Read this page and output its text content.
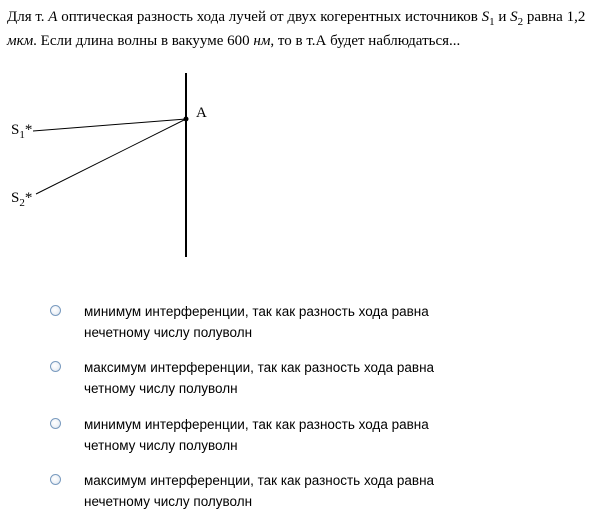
Для т. A оптическая разность хода лучей от двух когерентных источников $S_1$ и $S_2$ равна 1,2 мкм. Если длина волны в вакууме 600 нм, то в т.А будет наблюдаться...
A
$S_1*$
$S_2*$
минимум интерференции, так как разность хода равна
нечетному числу полуволн
максимум интерференции, так как разность хода равна
четному числу полуволн
минимум интерференции, так как разность хода равна
четному числу полуволн
максимум интерференции, так как разность хода равна
нечетному числу полуволн
